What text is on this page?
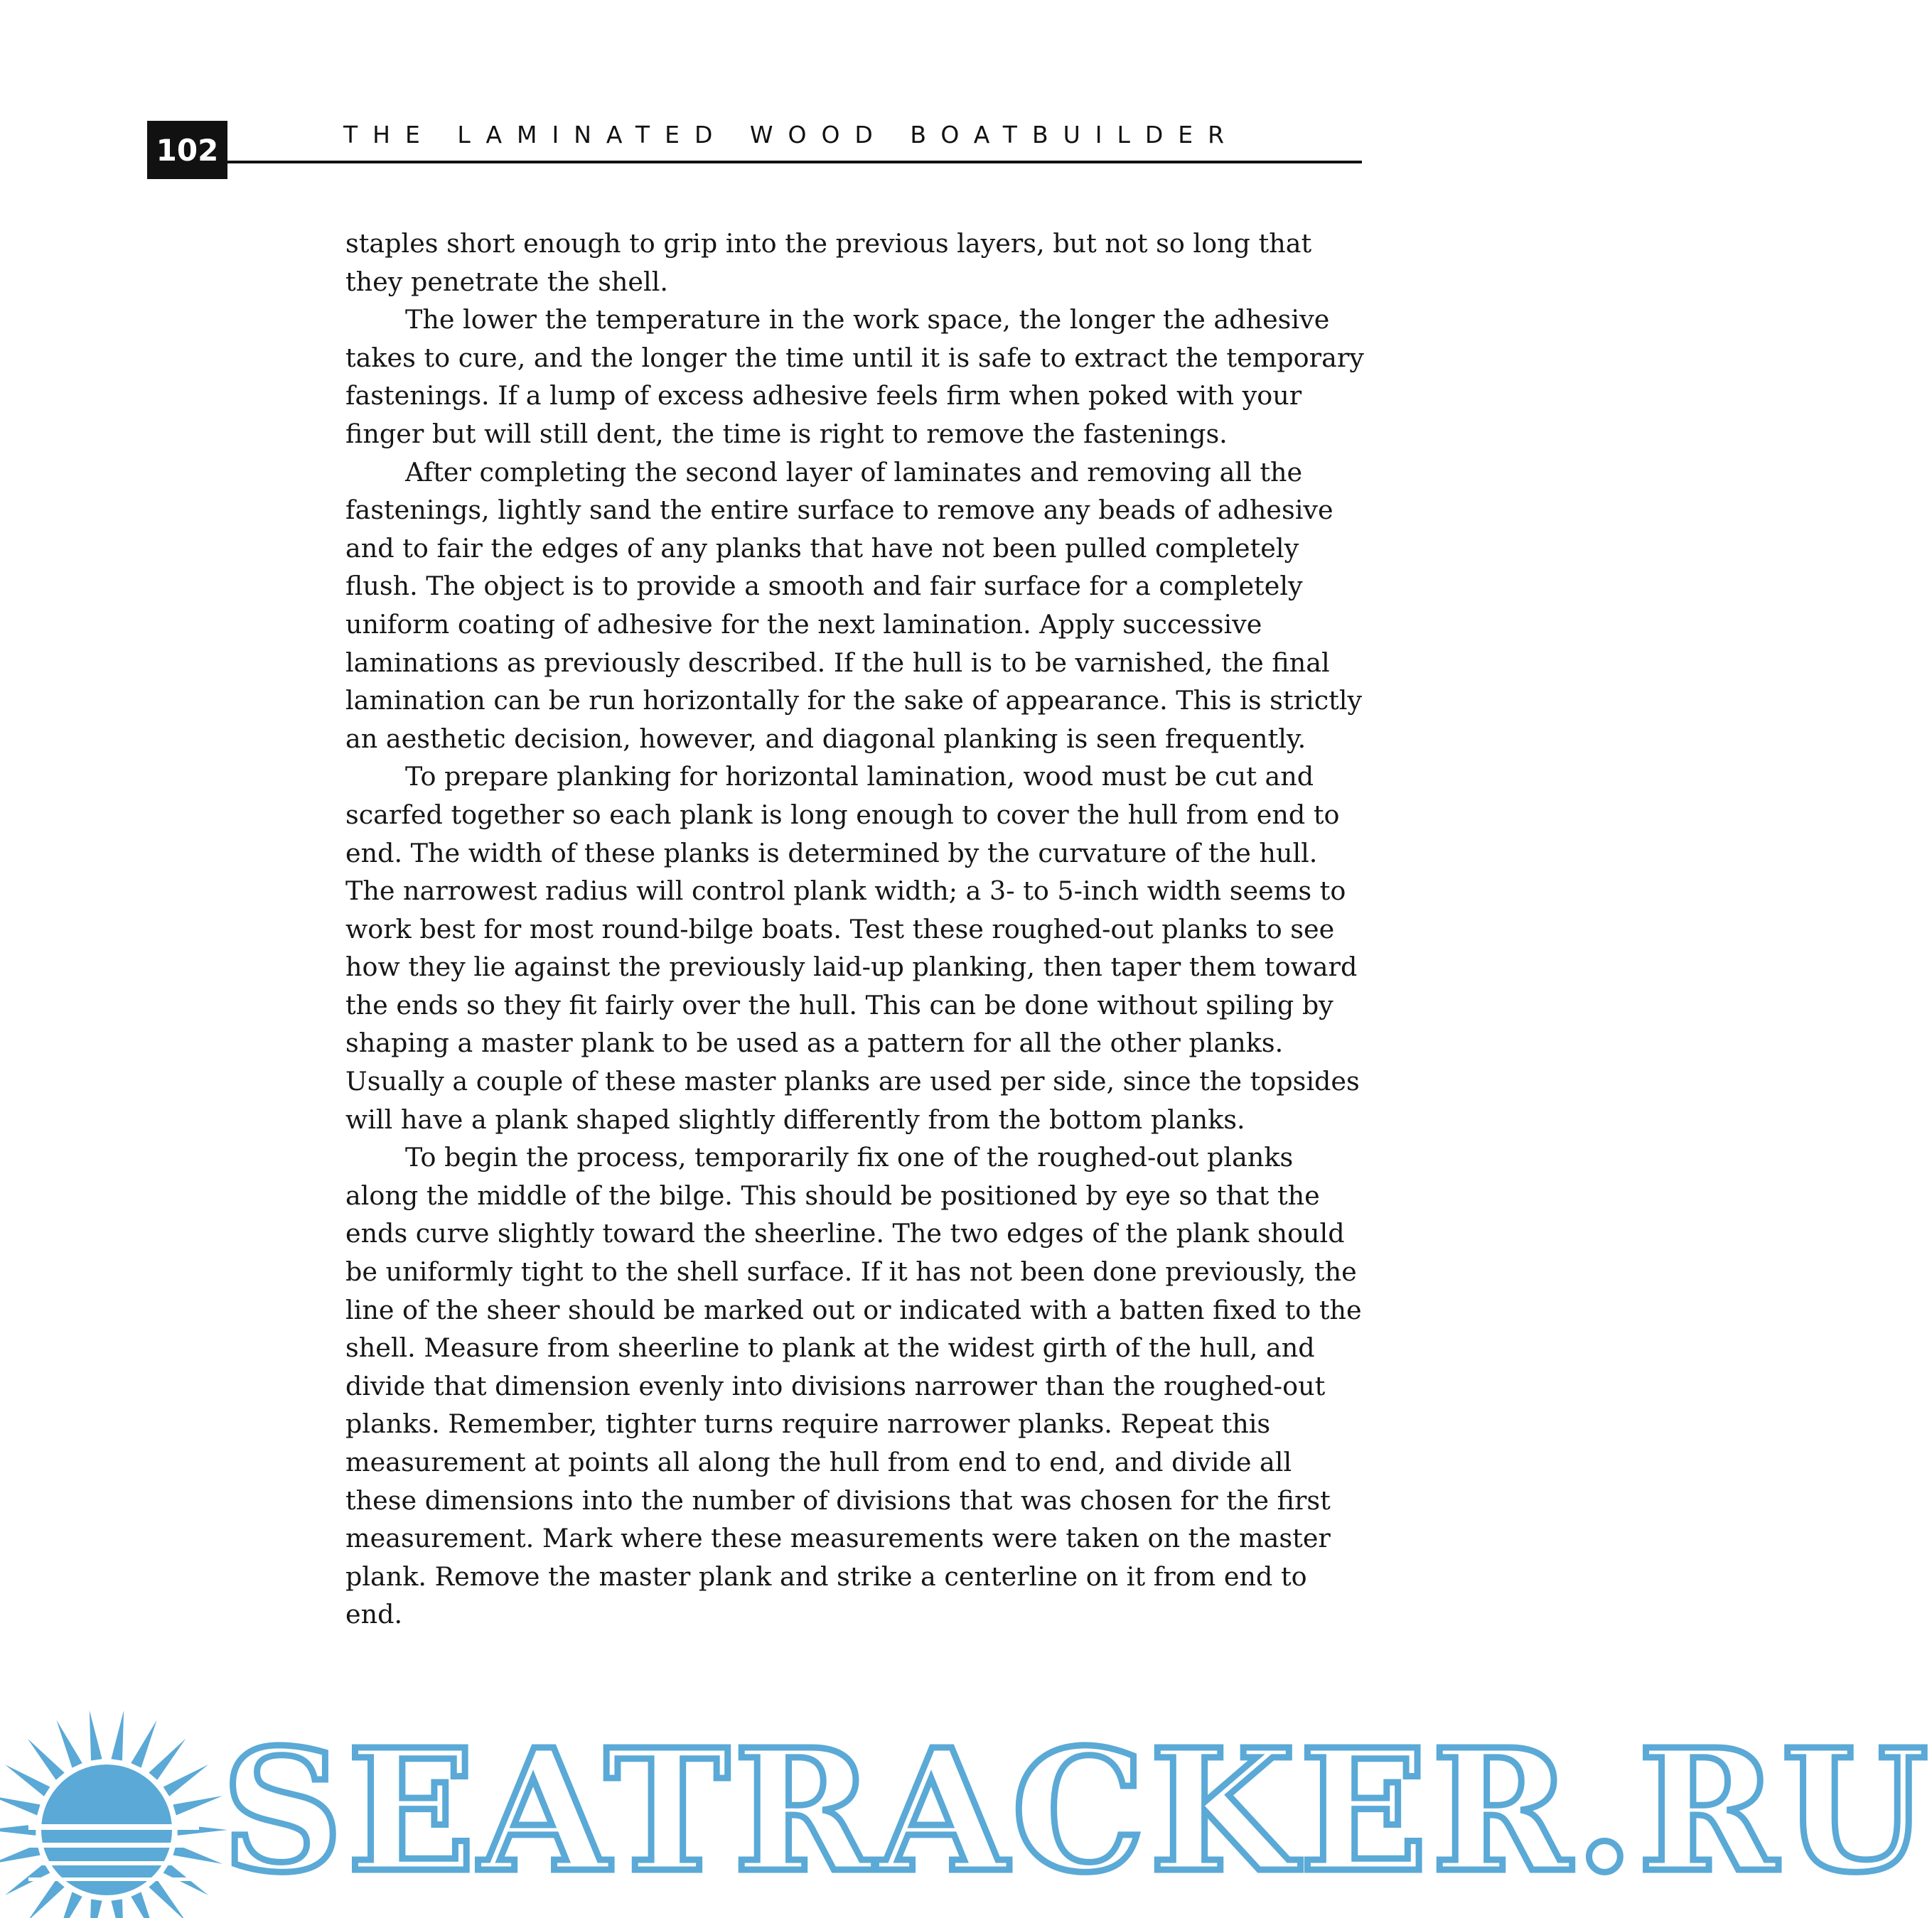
102	THE LAMINATED WOOD BOATBUILDER

staples short enough to grip into the previous layers, but not so long that they penetrate the shell.

The lower the temperature in the work space, the longer the adhesive takes to cure, and the longer the time until it is safe to extract the temporary fastenings. If a lump of excess adhesive feels firm when poked with your finger but will still dent, the time is right to remove the fastenings.

After completing the second layer of laminates and removing all the fastenings, lightly sand the entire surface to remove any beads of adhesive and to fair the edges of any planks that have not been pulled completely flush. The object is to provide a smooth and fair surface for a completely uniform coating of adhesive for the next lamination. Apply successive laminations as previously described. If the hull is to be varnished, the final lamination can be run horizontally for the sake of appearance. This is strictly an aesthetic decision, however, and diagonal planking is seen frequently.

To prepare planking for horizontal lamination, wood must be cut and scarfed together so each plank is long enough to cover the hull from end to end. The width of these planks is determined by the curvature of the hull. The narrowest radius will control plank width; a 3- to 5-inch width seems to work best for most round-bilge boats. Test these roughed-out planks to see how they lie against the previously laid-up planking, then taper them toward the ends so they fit fairly over the hull. This can be done without spiling by shaping a master plank to be used as a pattern for all the other planks. Usually a couple of these master planks are used per side, since the topsides will have a plank shaped slightly differently from the bottom planks.

To begin the process, temporarily fix one of the roughed-out planks along the middle of the bilge. This should be positioned by eye so that the ends curve slightly toward the sheerline. The two edges of the plank should be uniformly tight to the shell surface. If it has not been done previously, the line of the sheer should be marked out or indicated with a batten fixed to the shell. Measure from sheerline to plank at the widest girth of the hull, and divide that dimension evenly into divisions narrower than the roughed-out planks. Remember, tighter turns require narrower planks. Repeat this measurement at points all along the hull from end to end, and divide all these dimensions into the number of divisions that was chosen for the first measurement. Mark where these measurements were taken on the master plank. Remove the master plank and strike a centerline on it from end to end.

SEATRACKER.RU
